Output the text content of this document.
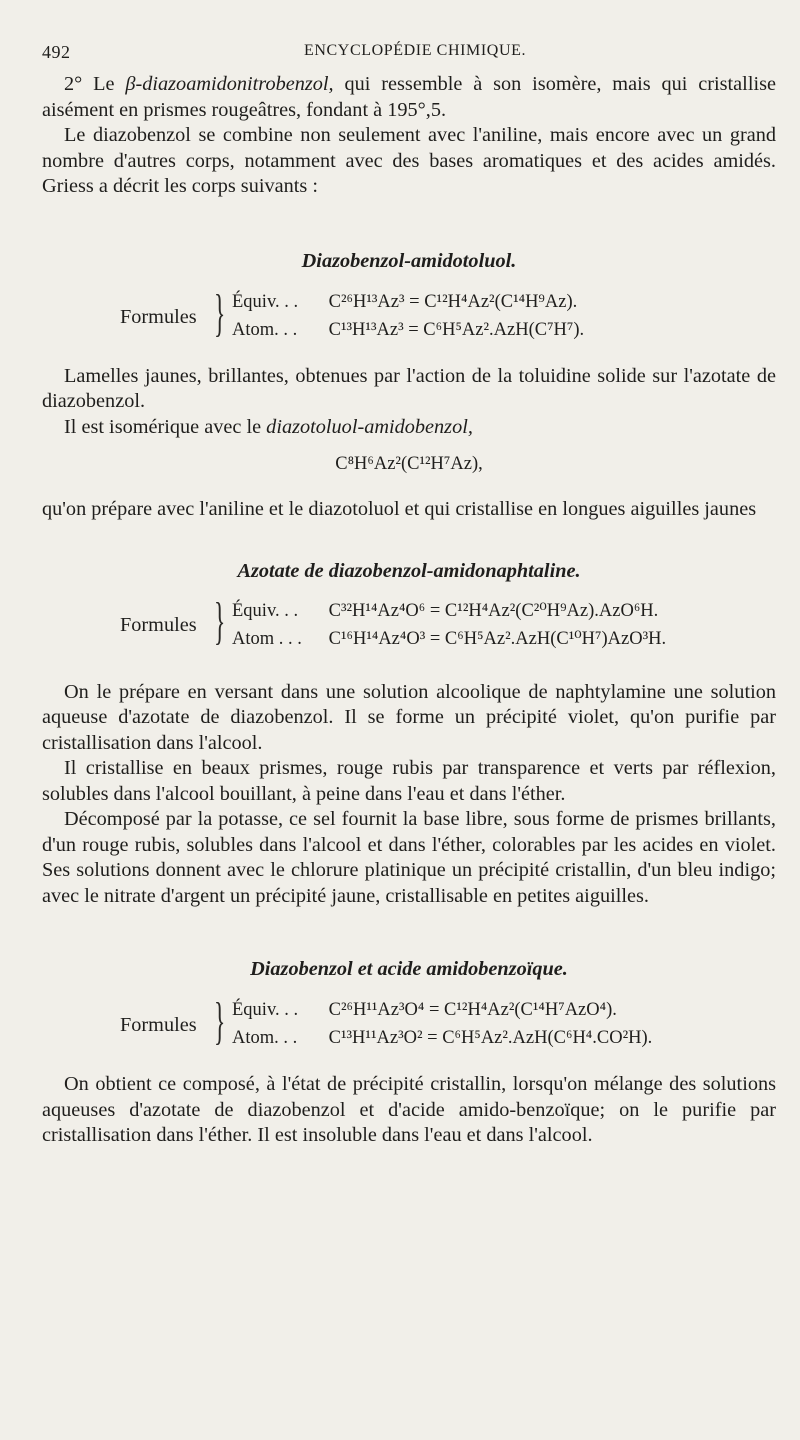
492	ENCYCLOPÉDIE CHIMIQUE.

2° Le β-diazoamidonitrobenzol, qui ressemble à son isomère, mais qui cristallise aisément en prismes rougeâtres, fondant à 195°,5.

Le diazobenzol se combine non seulement avec l'aniline, mais encore avec un grand nombre d'autres corps, notamment avec des bases aromatiques et des acides amidés. Griess a décrit les corps suivants :

Diazobenzol-amidotoluol.
Formules } Équiv. . . C²⁶H¹³Az³ = C¹²H⁴Az²(C¹⁴H⁹Az).
Atom. . . C¹³H¹³Az³ = C⁶H⁵Az².AzH(C⁷H⁷).

Lamelles jaunes, brillantes, obtenues par l'action de la toluidine solide sur l'azotate de diazobenzol.

Il est isomérique avec le diazotoluol-amidobenzol,

C⁸H⁶Az²(C¹²H⁷Az),

qu'on prépare avec l'aniline et le diazotoluol et qui cristallise en longues aiguilles jaunes

Azotate de diazobenzol-amidonaphtaline.
Formules } Équiv. . . C³²H¹⁴Az⁴O⁶ = C¹²H⁴Az²(C²⁰H⁹Az).AzO⁶H.
Atom . . . C¹⁶H¹⁴Az⁴O³ = C⁶H⁵Az².AzH(C¹⁰H⁷)AzO³H.

On le prépare en versant dans une solution alcoolique de naphtylamine une solution aqueuse d'azotate de diazobenzol. Il se forme un précipité violet, qu'on purifie par cristallisation dans l'alcool.

Il cristallise en beaux prismes, rouge rubis par transparence et verts par réflexion, solubles dans l'alcool bouillant, à peine dans l'eau et dans l'éther.

Décomposé par la potasse, ce sel fournit la base libre, sous forme de prismes brillants, d'un rouge rubis, solubles dans l'alcool et dans l'éther, colorables par les acides en violet. Ses solutions donnent avec le chlorure platinique un précipité cristallin, d'un bleu indigo; avec le nitrate d'argent un précipité jaune, cristallisable en petites aiguilles.

Diazobenzol et acide amidobenzoïque.
Formules } Équiv. . . C²⁶H¹¹Az³O⁴ = C¹²H⁴Az²(C¹⁴H⁷AzO⁴).
Atom. . . C¹³H¹¹Az³O² = C⁶H⁵Az².AzH(C⁶H⁴.CO²H).

On obtient ce composé, à l'état de précipité cristallin, lorsqu'on mélange des solutions aqueuses d'azotate de diazobenzol et d'acide amido-benzoïque; on le purifie par cristallisation dans l'éther. Il est insoluble dans l'eau et dans l'alcool.
